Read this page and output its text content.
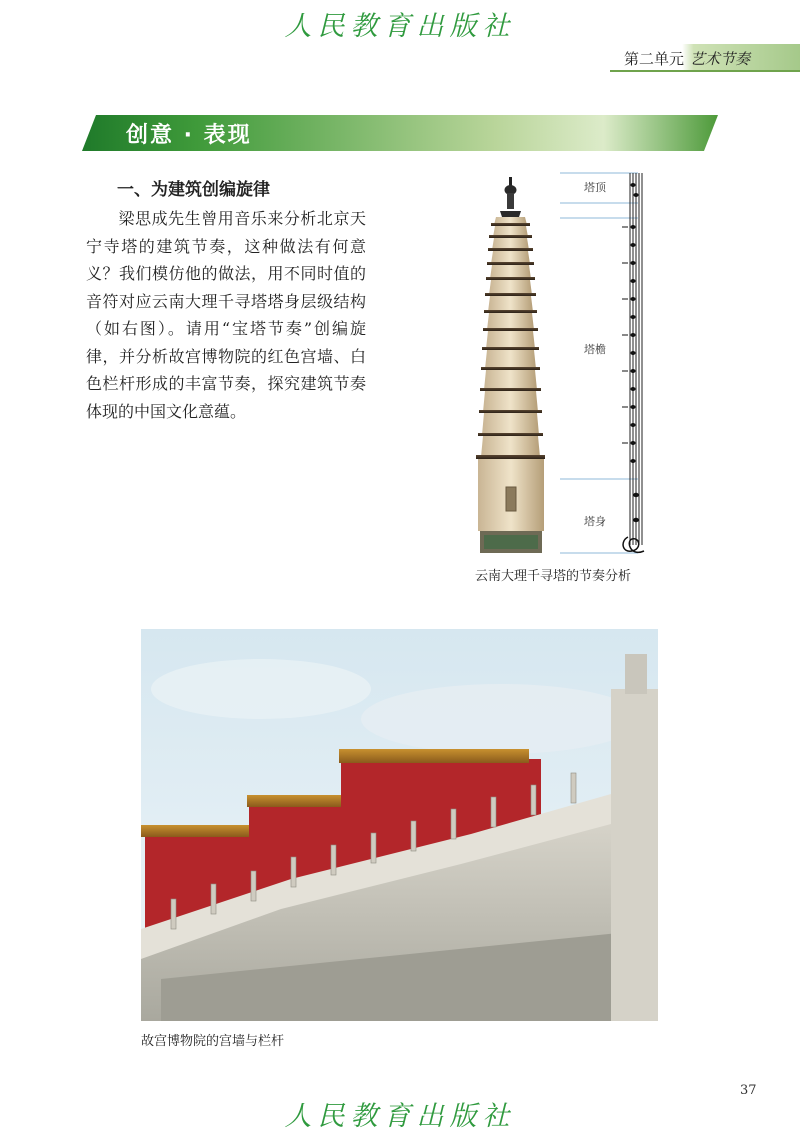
人民教育出版社
第二单元 艺术节奏
创意 · 表现
一、为建筑创编旋律
梁思成先生曾用音乐来分析北京天宁寺塔的建筑节奏，这种做法有何意义？我们模仿他的做法，用不同时值的音符对应云南大理千寻塔塔身层级结构（如右图）。请用“宝塔节奏”创编旋律，并分析故宫博物院的红色宫墙、白色栏杆形成的丰富节奏，探究建筑节奏体现的中国文化意蕴。
塔顶
塔檐
塔身
云南大理千寻塔的节奏分析
故宫博物院的宫墙与栏杆
37
人民教育出版社
